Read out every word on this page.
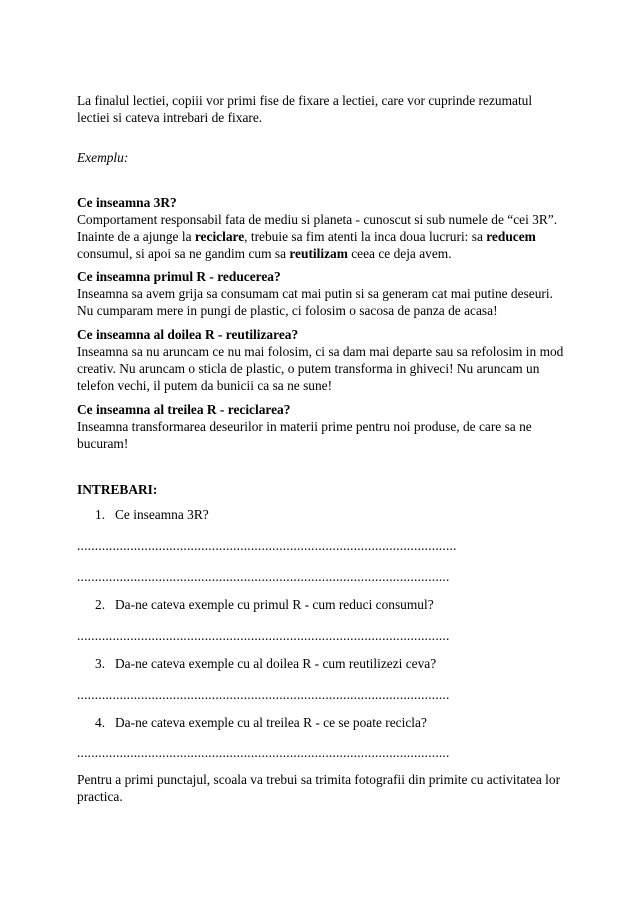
La finalul lectiei, copiii vor primi fise de fixare a lectiei, care vor cuprinde rezumatul lectiei si cateva intrebari de fixare.

Exemplu:

Ce inseamna 3R?

Comportament responsabil fata de mediu si planeta - cunoscut si sub numele de “cei 3R”. Inainte de a ajunge la reciclare, trebuie sa fim atenti la inca doua lucruri: sa reducem consumul, si apoi sa ne gandim cum sa reutilizam ceea ce deja avem.

Ce inseamna primul R - reducerea?

Inseamna sa avem grija sa consumam cat mai putin si sa generam cat mai putine deseuri. Nu cumparam mere in pungi de plastic, ci folosim o sacosa de panza de acasa!

Ce inseamna al doilea R - reutilizarea?

Inseamna sa nu aruncam ce nu mai folosim, ci sa dam mai departe sau sa refolosim in mod creativ. Nu aruncam o sticla de plastic, o putem transforma in ghiveci! Nu aruncam un telefon vechi, il putem da bunicii ca sa ne sune!

Ce inseamna al treilea R - reciclarea?

Inseamna transformarea deseurilor in materii prime pentru noi produse, de care sa ne bucuram!

INTREBARI:

1. Ce inseamna 3R?
...........................................................................................................
.........................................................................................................
2. Da-ne cateva exemple cu primul R - cum reduci consumul?
.........................................................................................................
3. Da-ne cateva exemple cu al doilea R - cum reutilizezi ceva?
.........................................................................................................
4. Da-ne cateva exemple cu al treilea R - ce se poate recicla?
.........................................................................................................

Pentru a primi punctajul, scoala va trebui sa trimita fotografii din primite cu activitatea lor practica.
